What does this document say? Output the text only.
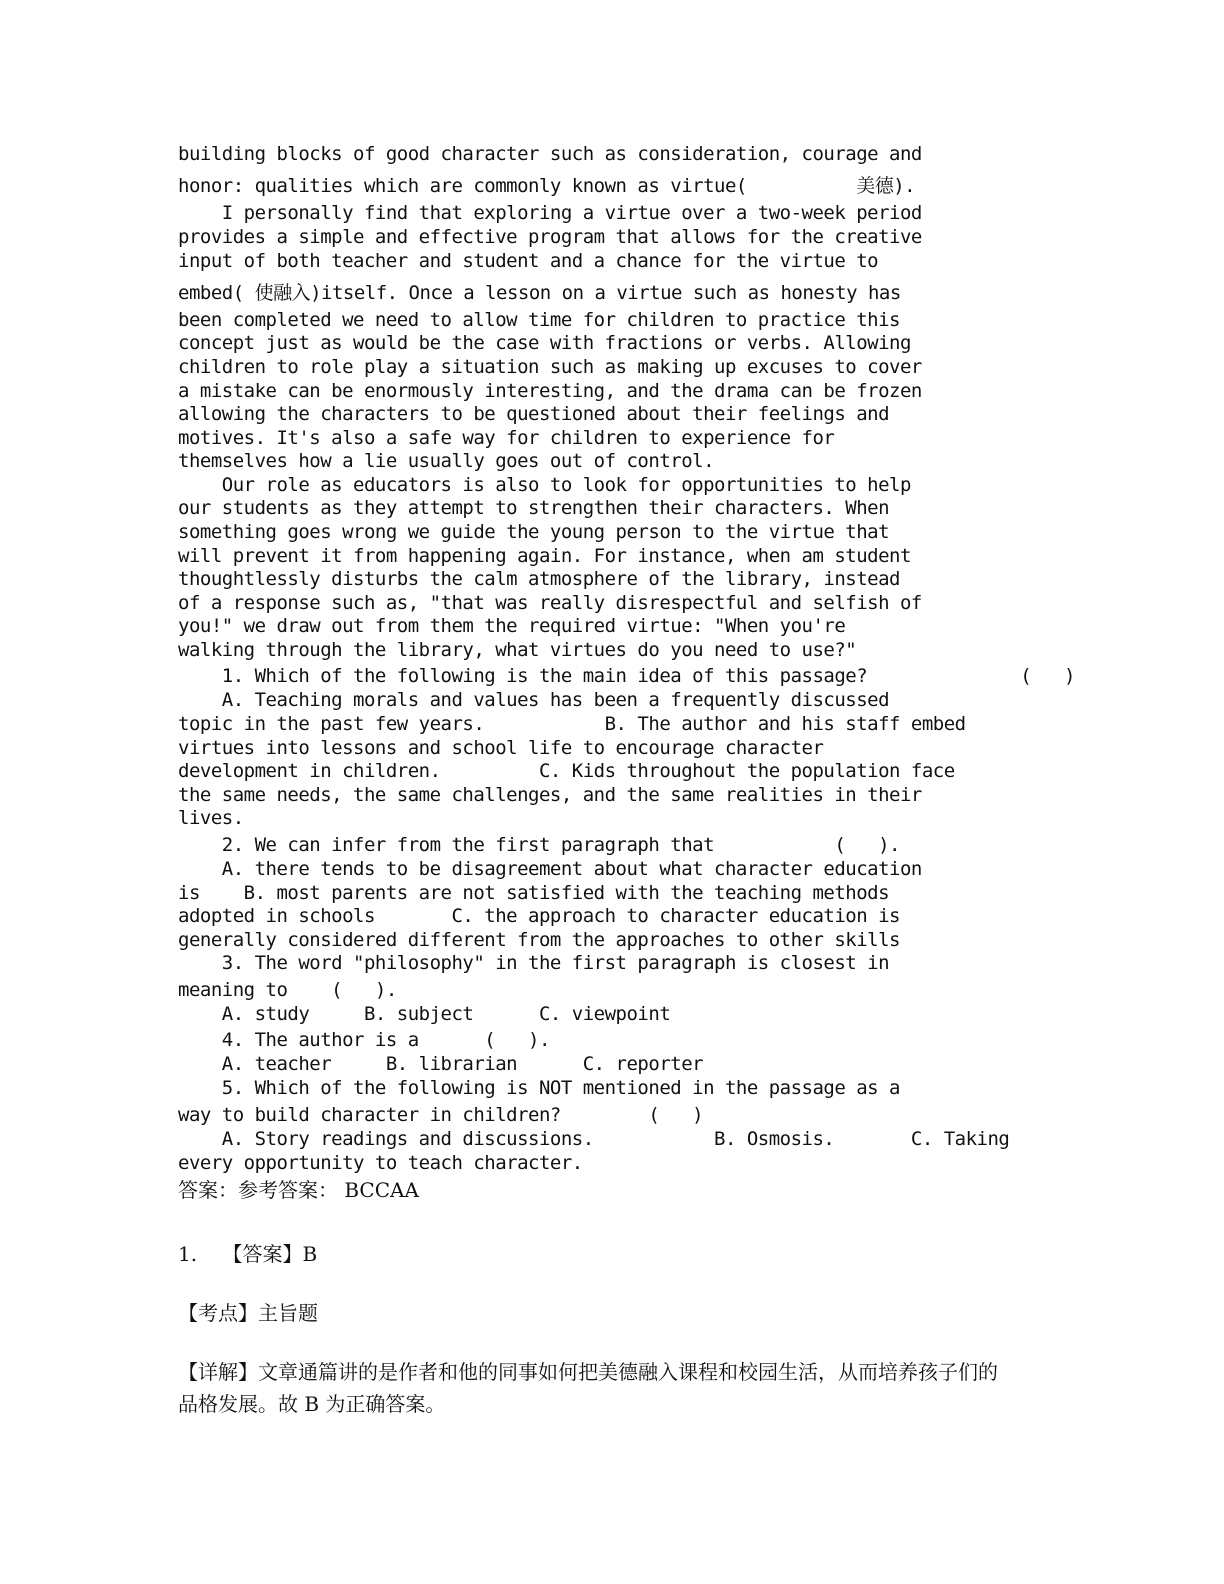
building blocks of good character such as consideration, courage and
honor: qualities which are commonly known as virtue(          美德).
I personally find that exploring a virtue over a two-week period
provides a simple and effective program that allows for the creative
input of both teacher and student and a chance for the virtue to
embed( 使融入)itself. Once a lesson on a virtue such as honesty has
been completed we need to allow time for children to practice this
concept just as would be the case with fractions or verbs. Allowing
children to role play a situation such as making up excuses to cover
a mistake can be enormously interesting, and the drama can be frozen
allowing the characters to be questioned about their feelings and
motives. It's also a safe way for children to experience for
themselves how a lie usually goes out of control.
Our role as educators is also to look for opportunities to help
our students as they attempt to strengthen their characters. When
something goes wrong we guide the young person to the virtue that
will prevent it from happening again. For instance, when am student
thoughtlessly disturbs the calm atmosphere of the library, instead
of a response such as, "that was really disrespectful and selfish of
you!" we draw out from them the required virtue: "When you're
walking through the library, what virtues do you need to use?"
1. Which of the following is the main idea of this passage?              (   )
A. Teaching morals and values has been a frequently discussed
topic in the past few years.           B. The author and his staff embed
virtues into lessons and school life to encourage character
development in children.         C. Kids throughout the population face
the same needs, the same challenges, and the same realities in their
lives.
2. We can infer from the first paragraph that           (   ).
A. there tends to be disagreement about what character education
is    B. most parents are not satisfied with the teaching methods
adopted in schools       C. the approach to character education is
generally considered different from the approaches to other skills
3. The word "philosophy" in the first paragraph is closest in
meaning to    (   ).
A. study     B. subject      C. viewpoint
4. The author is a      (   ).
A. teacher     B. librarian      C. reporter
5. Which of the following is NOT mentioned in the passage as a
way to build character in children?        (   )
A. Story readings and discussions.           B. Osmosis.       C. Taking
every opportunity to teach character.
答案：参考答案： BCCAA
1.    【答案】B
【考点】主旨题
【详解】文章通篇讲的是作者和他的同事如何把美德融入课程和校园生活，从而培养孩子们的
品格发展。故 B 为正确答案。
